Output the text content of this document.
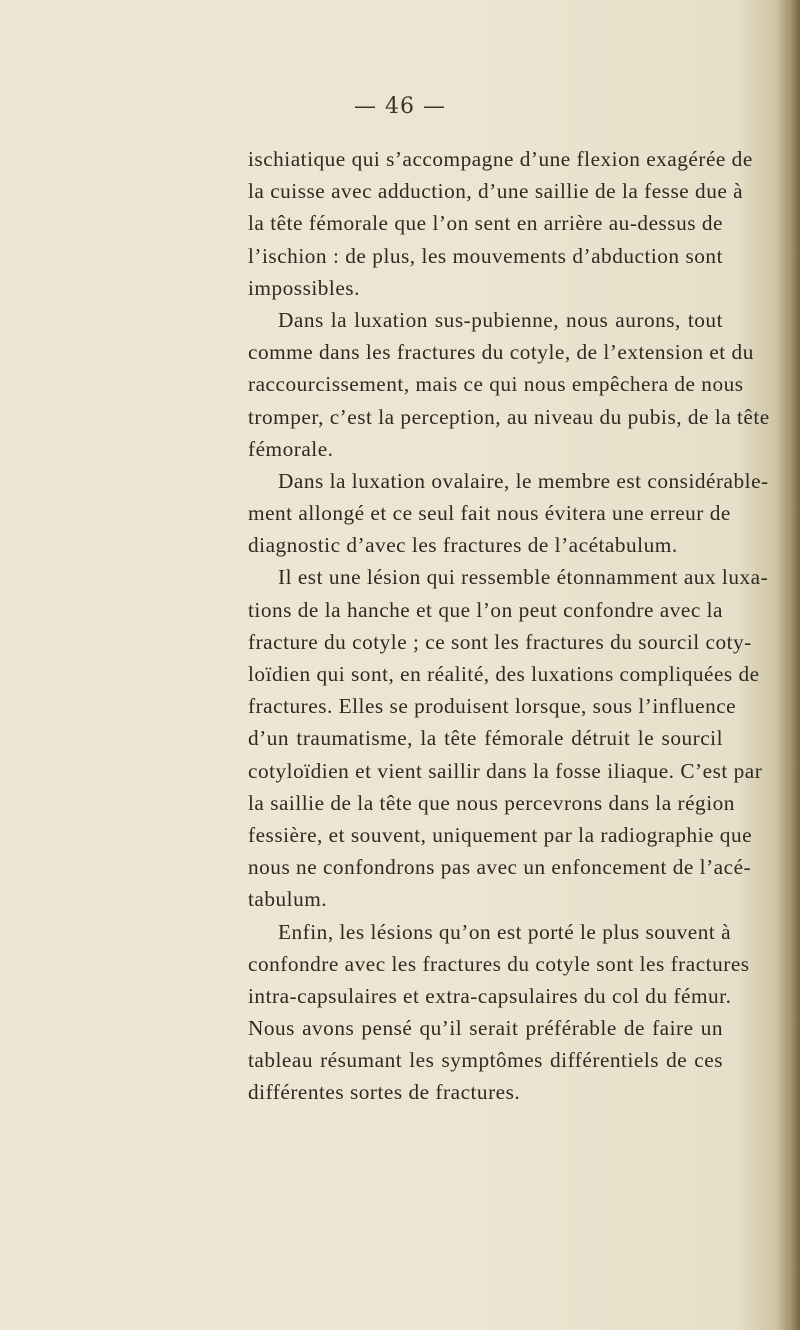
— 46 —
ischiatique qui s’accompagne d’une flexion exagérée de
la cuisse avec adduction, d’une saillie de la fesse due à
la tête fémorale que l’on sent en arrière au-dessus de
l’ischion : de plus, les mouvements d’abduction sont
impossibles.
Dans la luxation sus-pubienne, nous aurons, tout
comme dans les fractures du cotyle, de l’extension et du
raccourcissement, mais ce qui nous empêchera de nous
tromper, c’est la perception, au niveau du pubis, de la tête
fémorale.
Dans la luxation ovalaire, le membre est considérable-
ment allongé et ce seul fait nous évitera une erreur de
diagnostic d’avec les fractures de l’acétabulum.
Il est une lésion qui ressemble étonnamment aux luxa-
tions de la hanche et que l’on peut confondre avec la
fracture du cotyle ; ce sont les fractures du sourcil coty-
loïdien qui sont, en réalité, des luxations compliquées de
fractures. Elles se produisent lorsque, sous l’influence
d’un traumatisme, la tête fémorale détruit le sourcil
cotyloïdien et vient saillir dans la fosse iliaque. C’est par
la saillie de la tête que nous percevrons dans la région
fessière, et souvent, uniquement par la radiographie que
nous ne confondrons pas avec un enfoncement de l’acé-
tabulum.
Enfin, les lésions qu’on est porté le plus souvent à
confondre avec les fractures du cotyle sont les fractures
intra-capsulaires et extra-capsulaires du col du fémur.
Nous avons pensé qu’il serait préférable de faire un
tableau résumant les symptômes différentiels de ces
différentes sortes de fractures.
